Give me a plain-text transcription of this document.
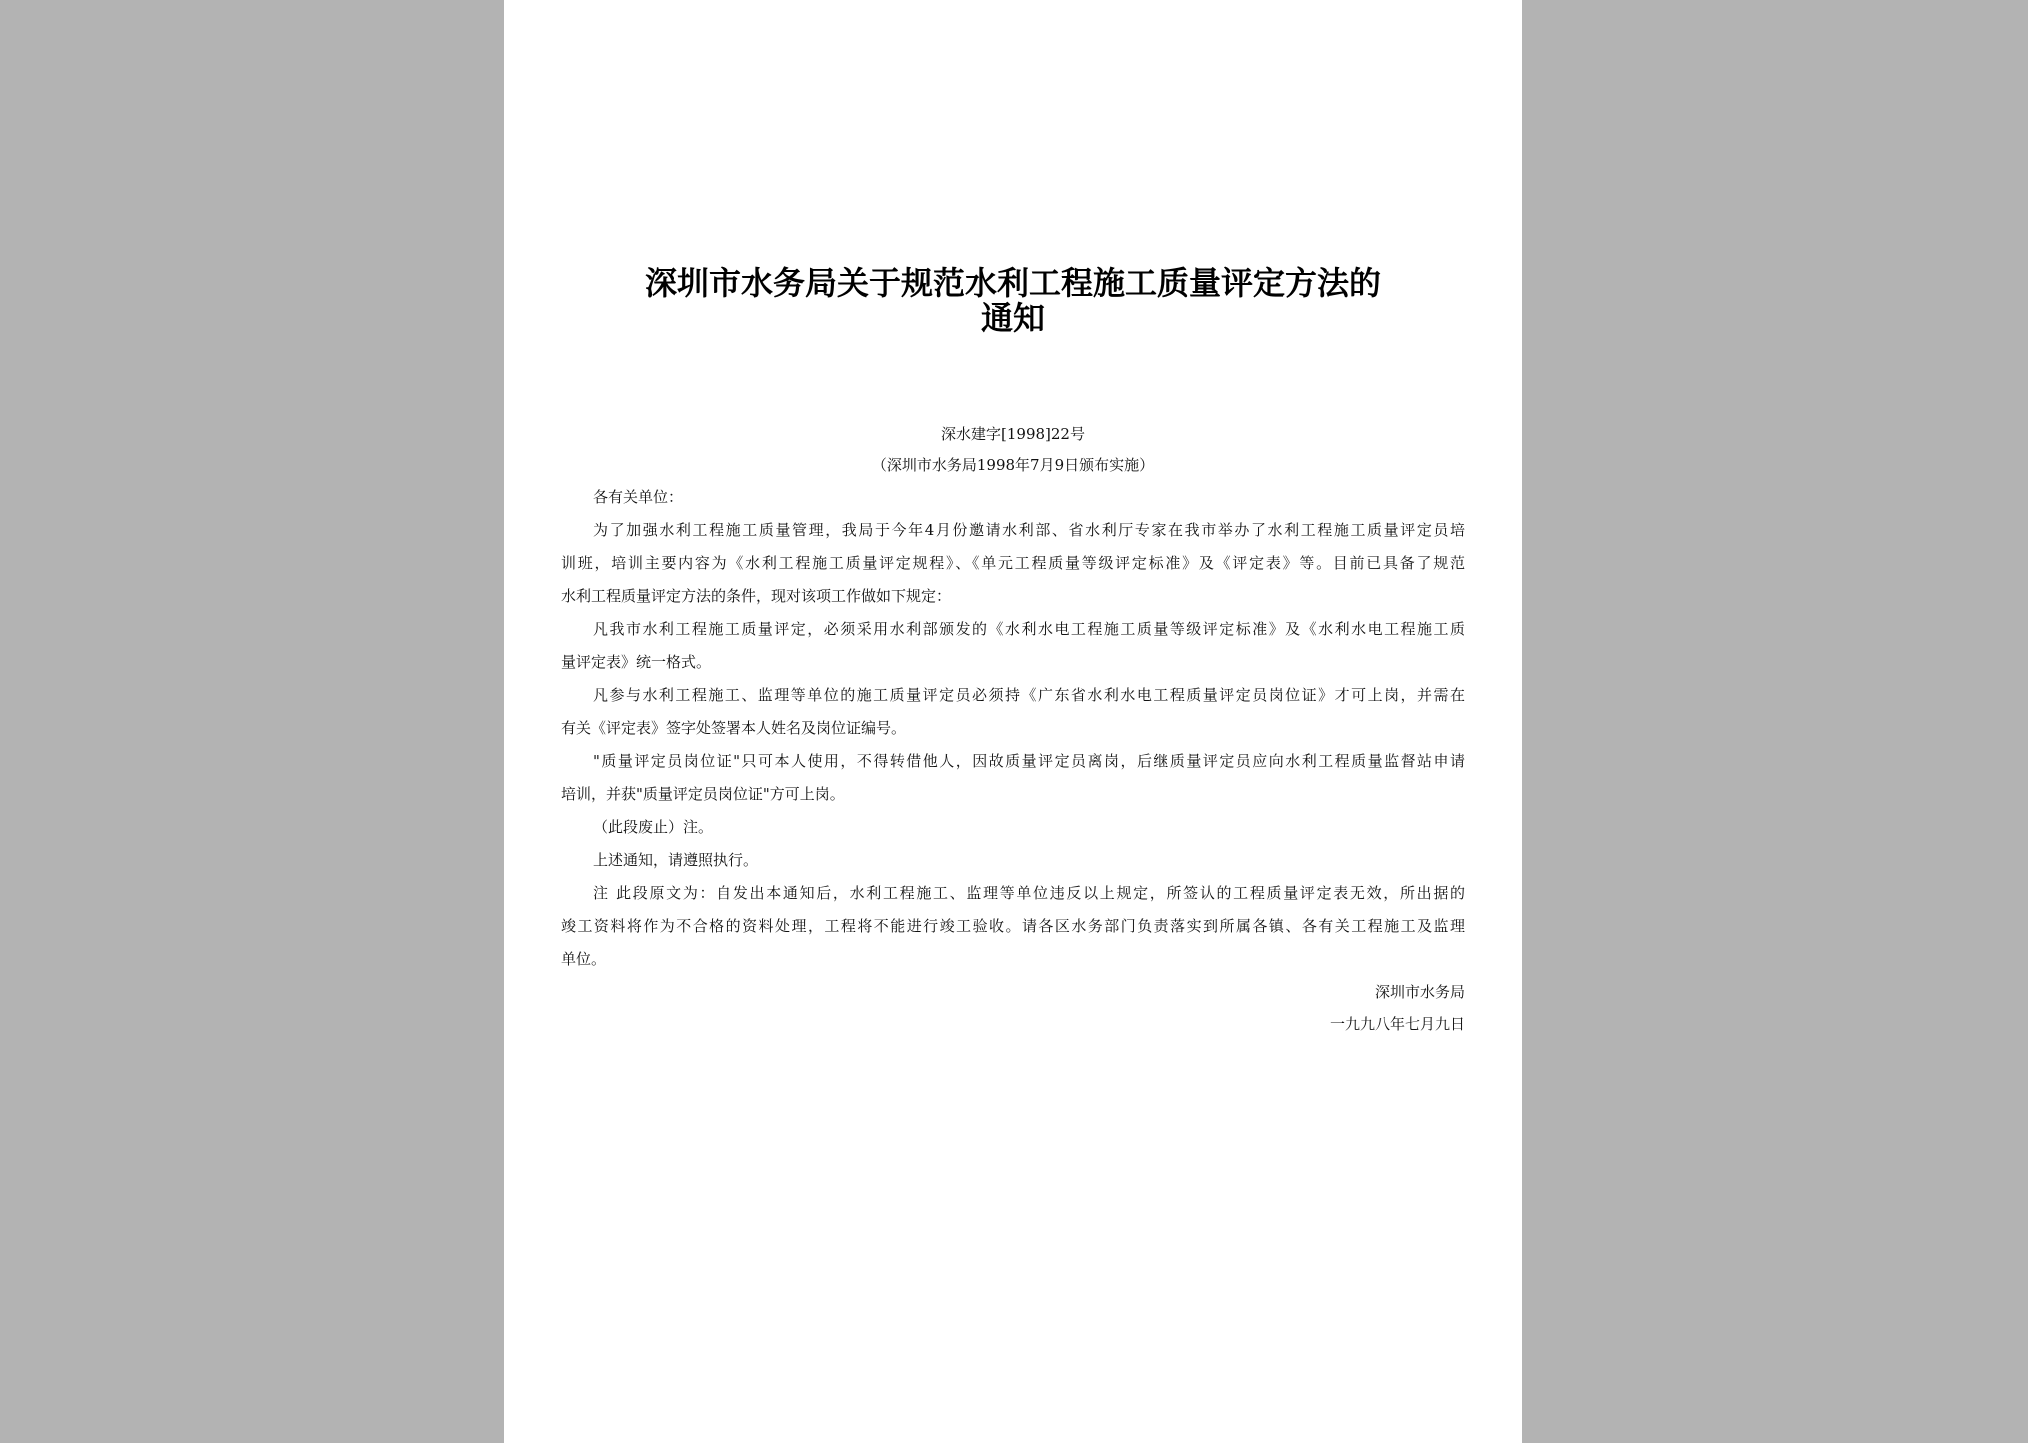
深圳市水务局关于规范水利工程施工质量评定方法的
通知
深水建字[1998]22号
（深圳市水务局1998年7月9日颁布实施）
各有关单位：
为了加强水利工程施工质量管理，我局于今年4月份邀请水利部、省水利厅专家在我市举办了水利工程施工质量评定员培
训班，培训主要内容为《水利工程施工质量评定规程》、《单元工程质量等级评定标准》及《评定表》等。目前已具备了规范
水利工程质量评定方法的条件，现对该项工作做如下规定：
凡我市水利工程施工质量评定，必须采用水利部颁发的《水利水电工程施工质量等级评定标准》及《水利水电工程施工质
量评定表》统一格式。
凡参与水利工程施工、监理等单位的施工质量评定员必须持《广东省水利水电工程质量评定员岗位证》才可上岗，并需在
有关《评定表》签字处签署本人姓名及岗位证编号。
"质量评定员岗位证"只可本人使用，不得转借他人，因故质量评定员离岗，后继质量评定员应向水利工程质量监督站申请
培训，并获"质量评定员岗位证"方可上岗。
（此段废止）注。
上述通知，请遵照执行。
注 此段原文为：自发出本通知后，水利工程施工、监理等单位违反以上规定，所签认的工程质量评定表无效，所出据的
竣工资料将作为不合格的资料处理，工程将不能进行竣工验收。请各区水务部门负责落实到所属各镇、各有关工程施工及监理
单位。
深圳市水务局
一九九八年七月九日
